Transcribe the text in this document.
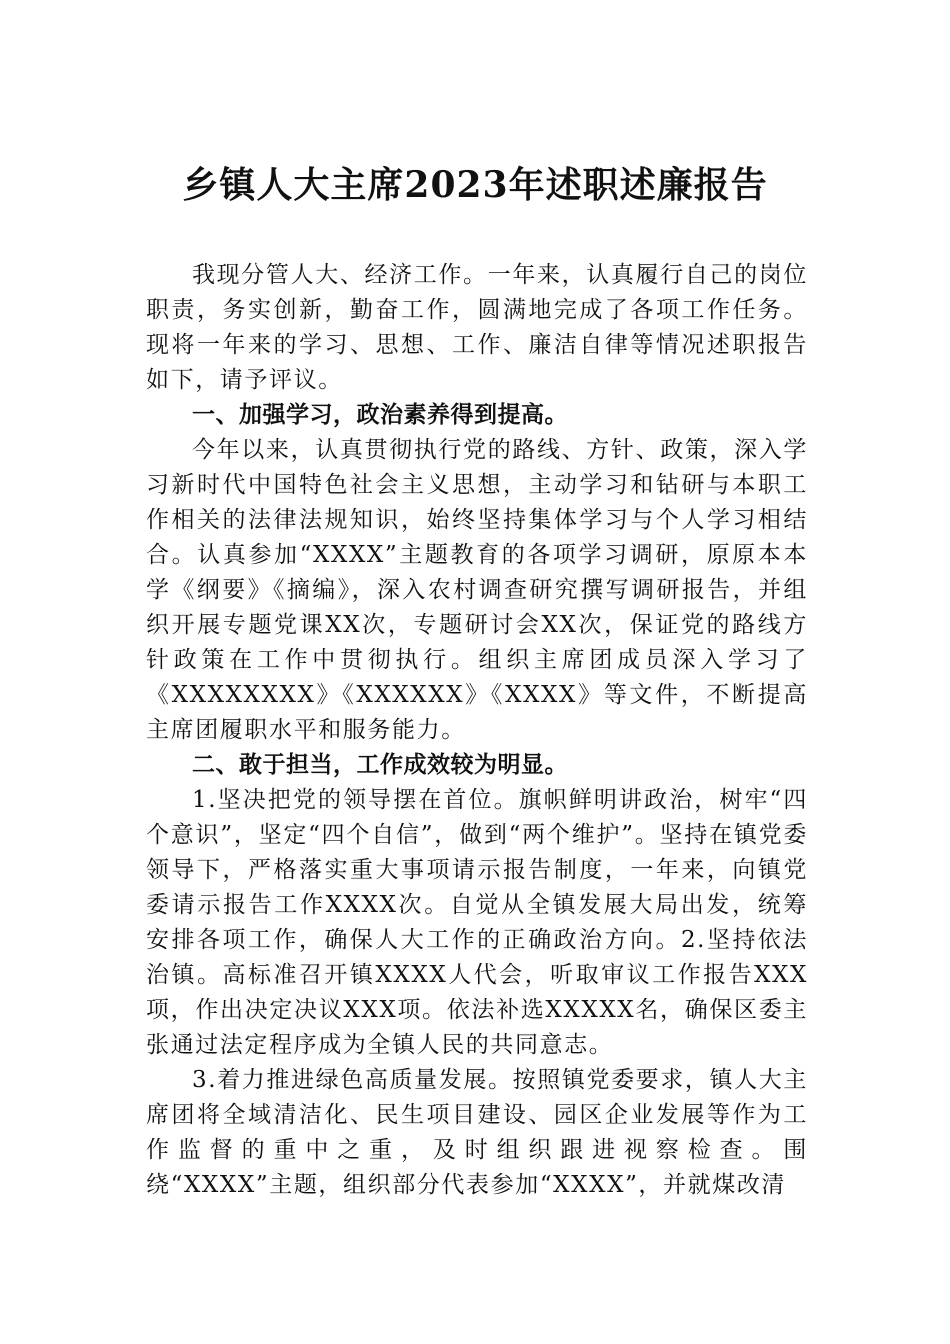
乡镇人大主席2023年述职述廉报告

我现分管人大、经济工作。一年来，认真履行自己的岗位职责，务实创新，勤奋工作，圆满地完成了各项工作任务。现将一年来的学习、思想、工作、廉洁自律等情况述职报告如下，请予评议。

一、加强学习，政治素养得到提高。

今年以来，认真贯彻执行党的路线、方针、政策，深入学习新时代中国特色社会主义思想，主动学习和钻研与本职工作相关的法律法规知识，始终坚持集体学习与个人学习相结合。认真参加“XXXX”主题教育的各项学习调研，原原本本学《纲要》《摘编》，深入农村调查研究撰写调研报告，并组织开展专题党课XX次，专题研讨会XX次，保证党的路线方针政策在工作中贯彻执行。组织主席团成员深入学习了《XXXXXXXX》《XXXXXX》《XXXX》等文件，不断提高主席团履职水平和服务能力。

二、敢于担当，工作成效较为明显。

1.坚决把党的领导摆在首位。旗帜鲜明讲政治，树牢“四个意识”，坚定“四个自信”，做到“两个维护”。坚持在镇党委领导下，严格落实重大事项请示报告制度，一年来，向镇党委请示报告工作XXXX次。自觉从全镇发展大局出发，统筹安排各项工作，确保人大工作的正确政治方向。2.坚持依法治镇。高标准召开镇XXXX人代会，听取审议工作报告XXX项，作出决定决议XXX项。依法补选XXXXX名，确保区委主张通过法定程序成为全镇人民的共同意志。

3.着力推进绿色高质量发展。按照镇党委要求，镇人大主席团将全域清洁化、民生项目建设、园区企业发展等作为工作监督的重中之重，及时组织跟进视察检查。围绕“XXXX”主题，组织部分代表参加“XXXX”，并就煤改清
